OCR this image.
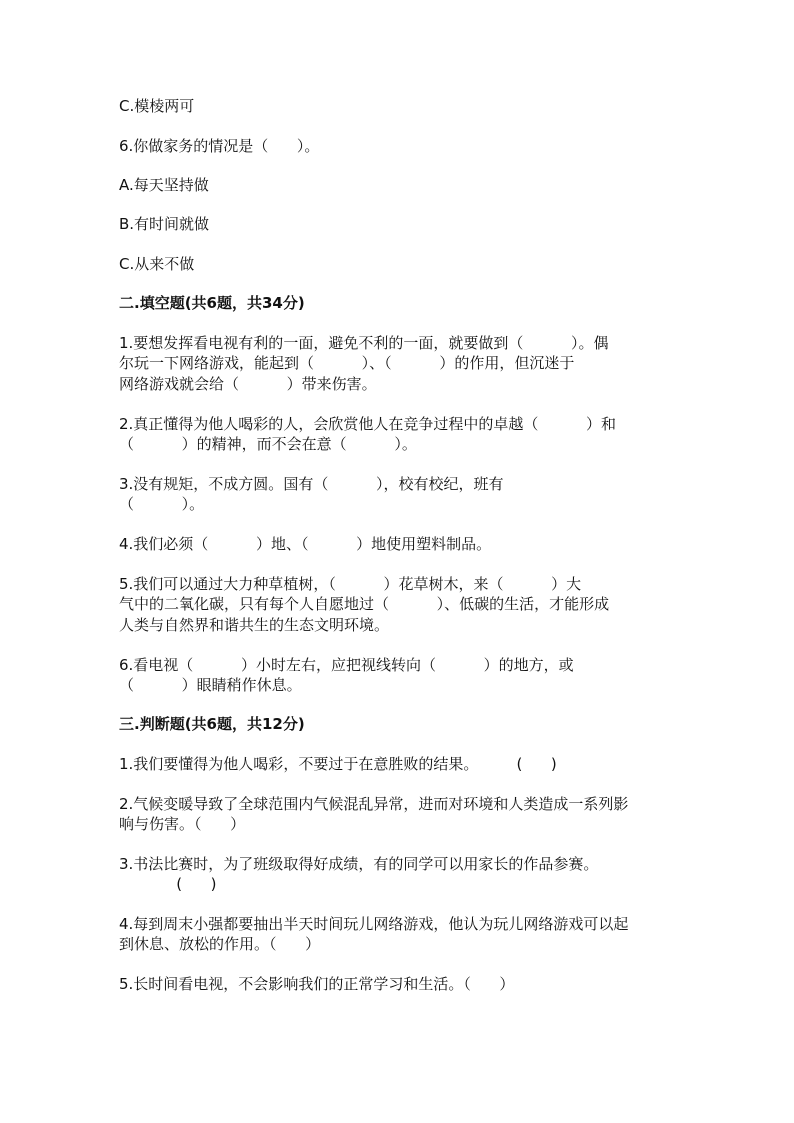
C.模棱两可
6.你做家务的情况是（      ）。
A.每天坚持做
B.有时间就做
C.从来不做
二.填空题(共6题，共34分)
1.要想发挥看电视有利的一面，避免不利的一面，就要做到（          ）。偶
尔玩一下网络游戏，能起到（          ）、（          ）的作用，但沉迷于
网络游戏就会给（          ）带来伤害。
2.真正懂得为他人喝彩的人，会欣赏他人在竞争过程中的卓越（          ）和
（          ）的精神，而不会在意（          ）。
3.没有规矩，不成方圆。国有（          ），校有校纪，班有
（          ）。
4.我们必须（          ）地、（          ）地使用塑料制品。
5.我们可以通过大力种草植树，（          ）花草树木，来（          ）大
气中的二氧化碳，只有每个人自愿地过（          ）、低碳的生活，才能形成
人类与自然界和谐共生的生态文明环境。
6.看电视（          ）小时左右，应把视线转向（          ）的地方，或
（          ）眼睛稍作休息。
三.判断题(共6题，共12分)
1.我们要懂得为他人喝彩，不要过于在意胜败的结果。        (      )
2.气候变暖导致了全球范围内气候混乱异常，进而对环境和人类造成一系列影
响与伤害。（      ）
3.书法比赛时，为了班级取得好成绩，有的同学可以用家长的作品参赛。
(      )
4.每到周末小强都要抽出半天时间玩儿网络游戏，他认为玩儿网络游戏可以起
到休息、放松的作用。（      ）
5.长时间看电视，不会影响我们的正常学习和生活。（      ）
